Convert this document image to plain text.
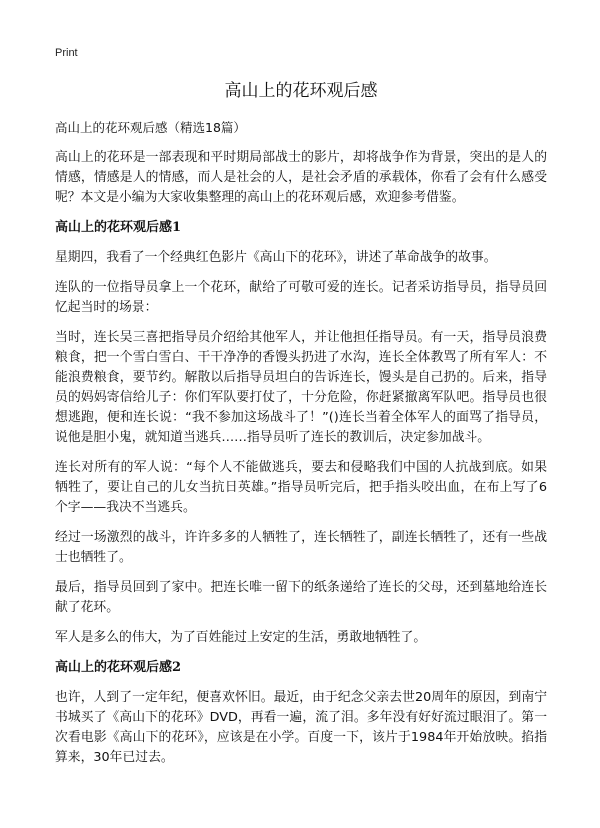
Print
高山上的花环观后感
高山上的花环观后感（精选18篇）

高山上的花环是一部表现和平时期局部战士的影片，却将战争作为背景，突出的是人的情感，情感是人的情感，而人是社会的人，是社会矛盾的承载体，你看了会有什么感受呢？本文是小编为大家收集整理的高山上的花环观后感，欢迎参考借鉴。

高山上的花环观后感1

星期四，我看了一个经典红色影片《高山下的花环》，讲述了革命战争的故事。

连队的一位指导员拿上一个花环，献给了可敬可爱的连长。记者采访指导员，指导员回忆起当时的场景：

当时，连长吴三喜把指导员介绍给其他军人，并让他担任指导员。有一天，指导员浪费粮食，把一个雪白雪白、干干净净的香馒头扔进了水沟，连长全体教骂了所有军人：不能浪费粮食，要节约。解散以后指导员坦白的告诉连长，馒头是自己扔的。后来，指导员的妈妈寄信给儿子：你们军队要打仗了，十分危险，你赶紧撤离军队吧。指导员也很想逃跑，便和连长说：“我不参加这场战斗了！”()连长当着全体军人的面骂了指导员，说他是胆小鬼，就知道当逃兵……指导员听了连长的教训后，决定参加战斗。

连长对所有的军人说：“每个人不能做逃兵，要去和侵略我们中国的人抗战到底。如果牺牲了，要让自己的儿女当抗日英雄。”指导员听完后，把手指头咬出血，在布上写了6个字——我决不当逃兵。

经过一场激烈的战斗，许许多多的人牺牲了，连长牺牲了，副连长牺牲了，还有一些战士也牺牲了。

最后，指导员回到了家中。把连长唯一留下的纸条递给了连长的父母，还到墓地给连长献了花环。

军人是多么的伟大，为了百姓能过上安定的生活，勇敢地牺牲了。

高山上的花环观后感2

也许，人到了一定年纪，便喜欢怀旧。最近，由于纪念父亲去世20周年的原因，到南宁书城买了《高山下的花环》DVD，再看一遍，流了泪。多年没有好好流过眼泪了。第一次看电影《高山下的花环》，应该是在小学。百度一下，该片于1984年开始放映。掐指算来，30年已过去。
